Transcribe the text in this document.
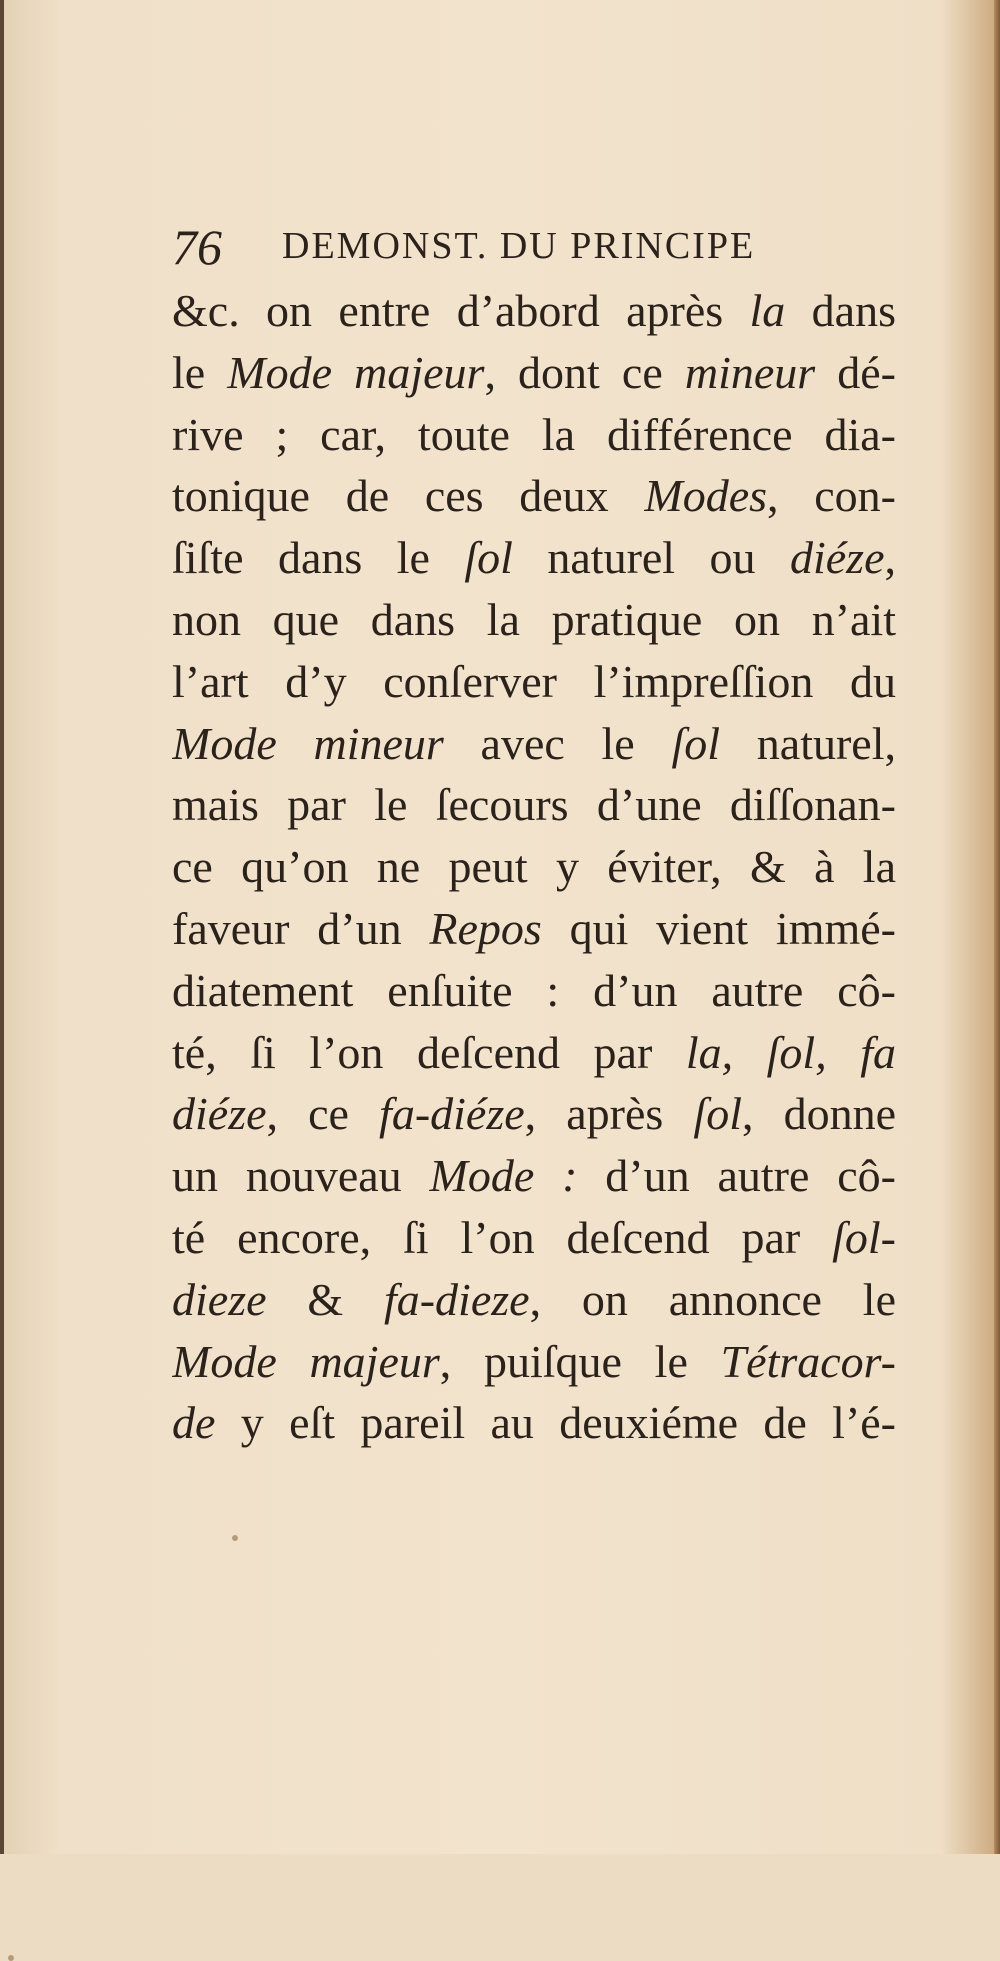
76 DEMONST. DU PRINCIPE
&c. on entre d’abord après la dans
le Mode majeur, dont ce mineur dé-
rive ; car, toute la différence dia-
tonique de ces deux Modes, con-
ſiſte dans le ſol naturel ou diéze,
non que dans la pratique on n’ait
l’art d’y conſerver l’impreſſion du
Mode mineur avec le ſol naturel,
mais par le ſecours d’une diſſonan-
ce qu’on ne peut y éviter, & à la
faveur d’un Repos qui vient immé-
diatement enſuite : d’un autre cô-
té, ſi l’on deſcend par la, ſol, fa
diéze, ce fa-diéze, après ſol, donne
un nouveau Mode : d’un autre cô-
té encore, ſi l’on deſcend par ſol-
dieze & fa-dieze, on annonce le
Mode majeur, puiſque le Tétracor-
de y eſt pareil au deuxiéme de l’é-
